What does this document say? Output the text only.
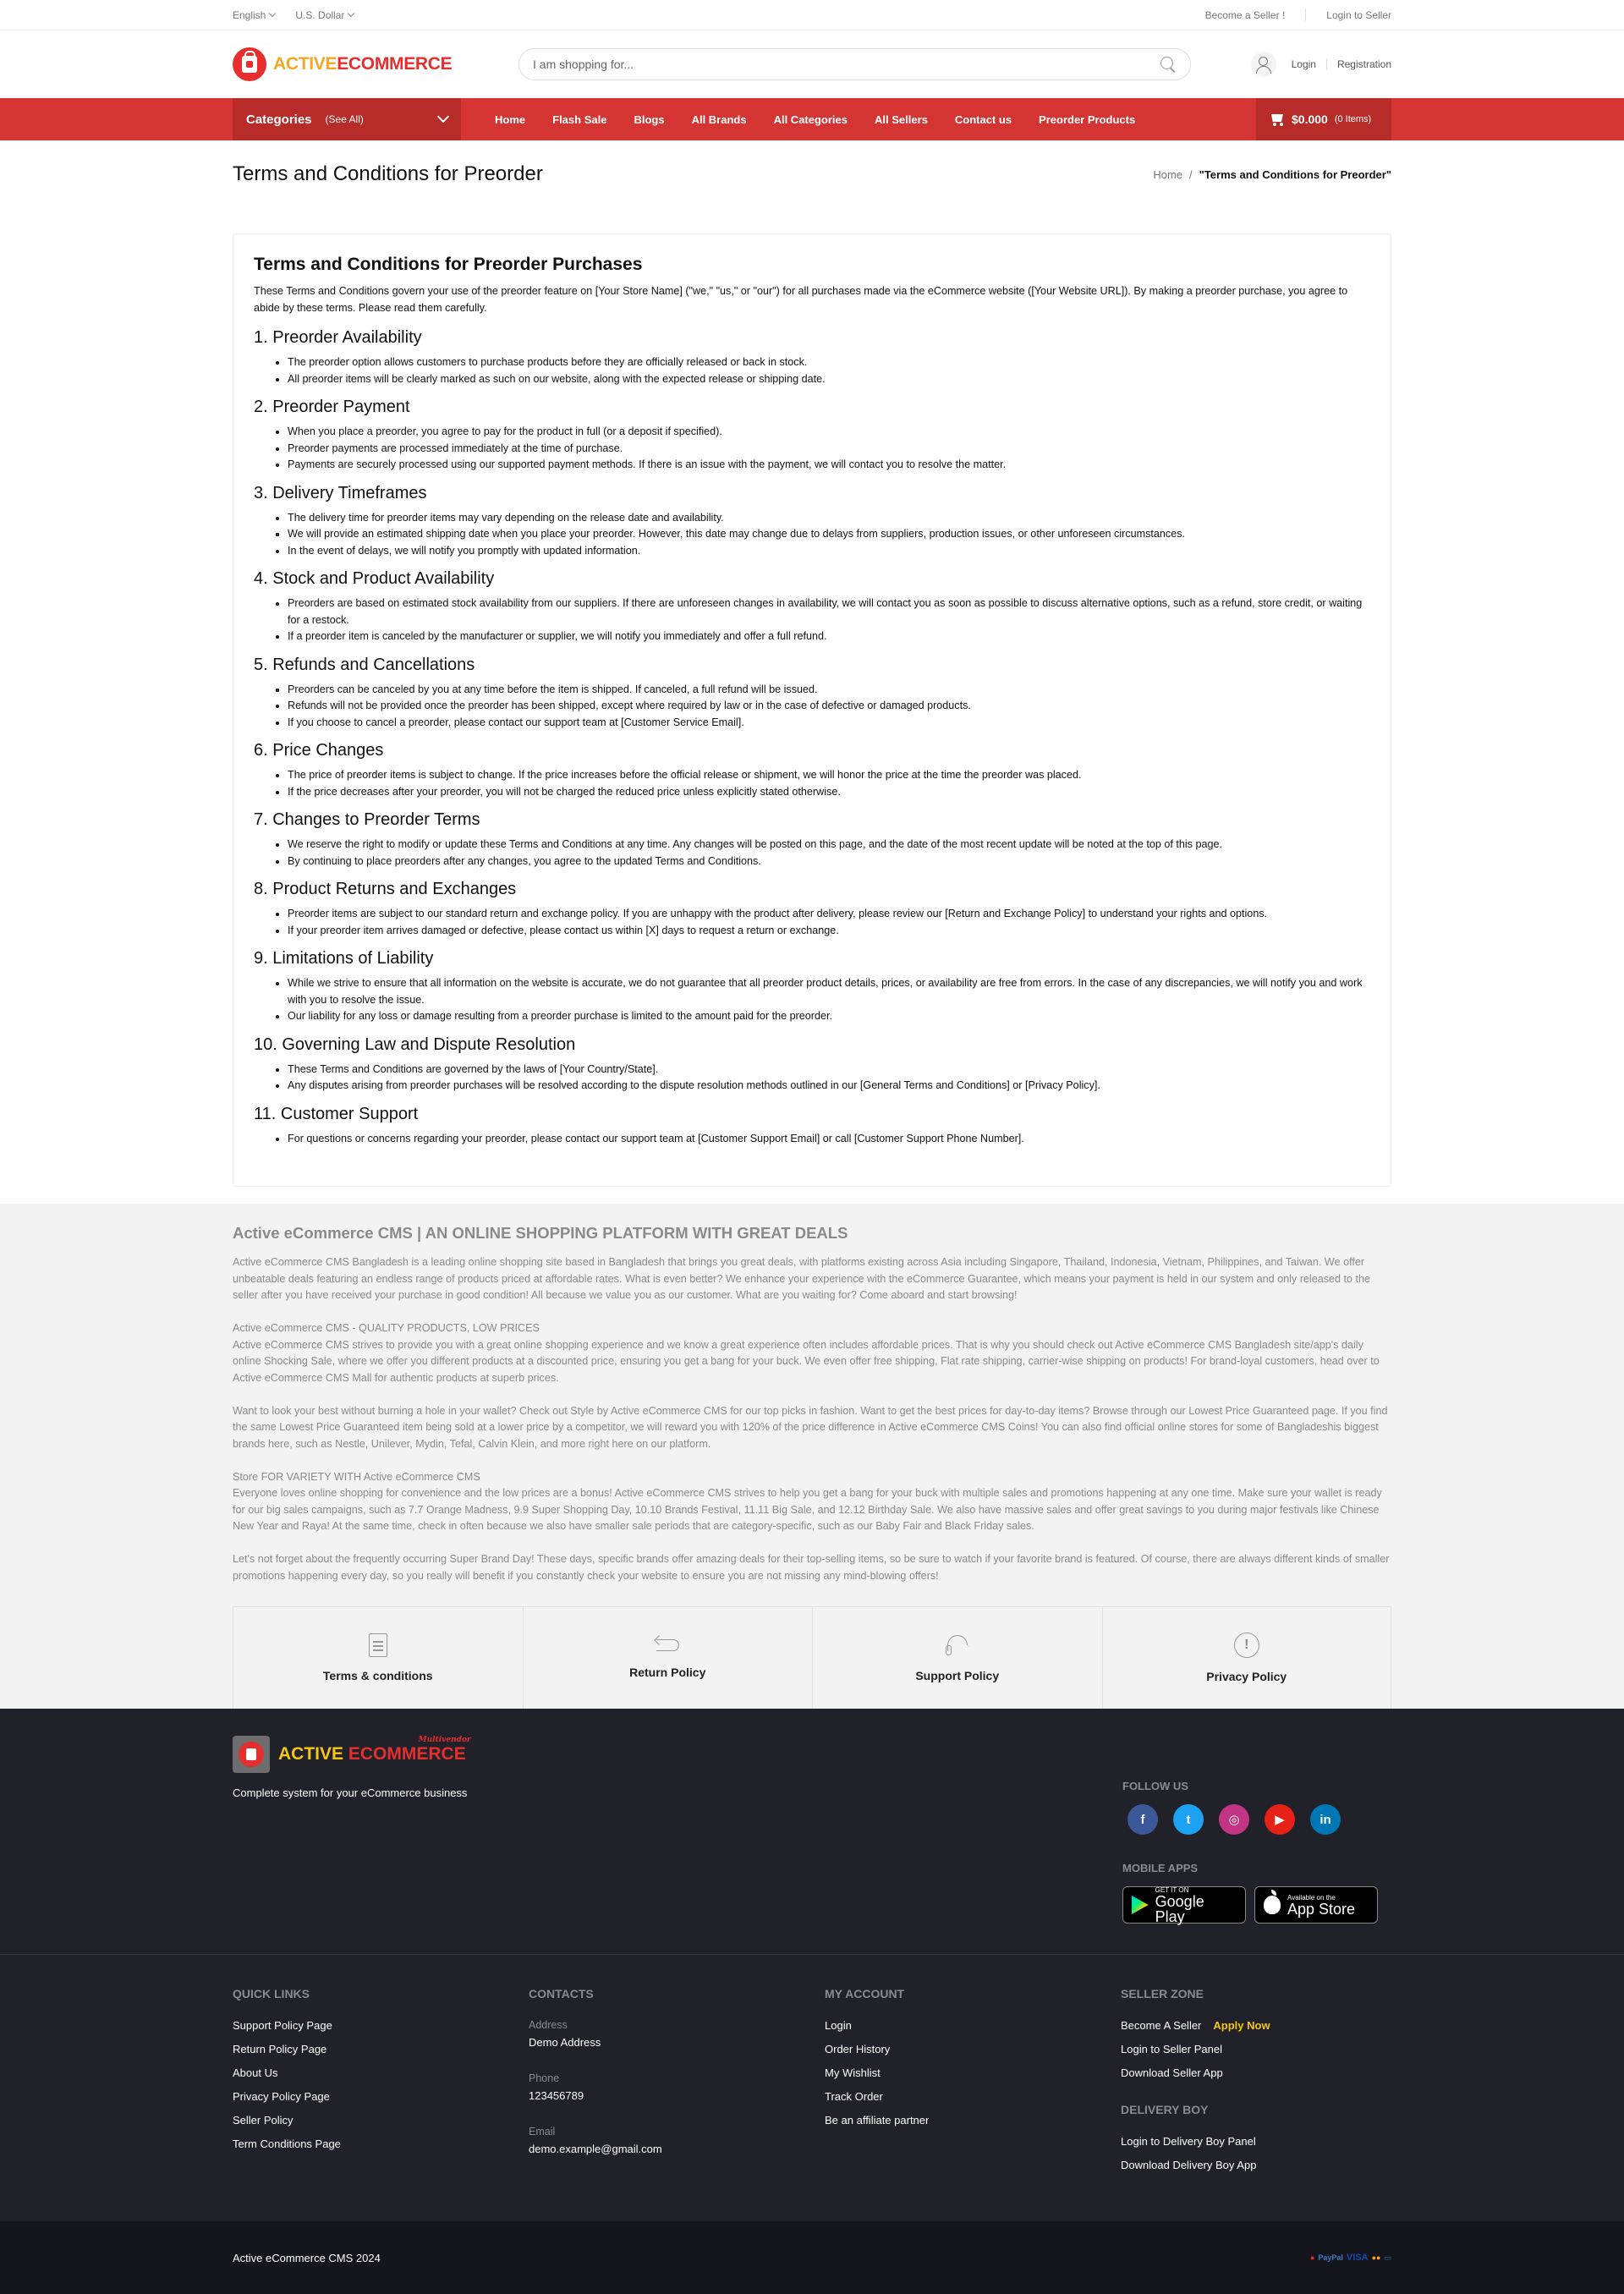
English	U.S. Dollar	Become a Seller !	Login to Seller
ACTIVEECOMMERCE	I am shopping for...	Login Registration
Categories (See All)	Home	Flash Sale	Blogs	All Brands	All Categories	All Sellers	Contact us	Preorder Products	$0.000 (0 Items)
Terms and Conditions for Preorder	Home / "Terms and Conditions for Preorder"
Terms and Conditions for Preorder Purchases

These Terms and Conditions govern your use of the preorder feature on [Your Store Name] ("we," "us," or "our") for all purchases made via the eCommerce website ([Your Website URL]). By making a preorder purchase, you agree to abide by these terms. Please read them carefully.

1. Preorder Availability
• The preorder option allows customers to purchase products before they are officially released or back in stock.
• All preorder items will be clearly marked as such on our website, along with the expected release or shipping date.
2. Preorder Payment
• When you place a preorder, you agree to pay for the product in full (or a deposit if specified).
• Preorder payments are processed immediately at the time of purchase.
• Payments are securely processed using our supported payment methods. If there is an issue with the payment, we will contact you to resolve the matter.
3. Delivery Timeframes
• The delivery time for preorder items may vary depending on the release date and availability.
• We will provide an estimated shipping date when you place your preorder. However, this date may change due to delays from suppliers, production issues, or other unforeseen circumstances.
• In the event of delays, we will notify you promptly with updated information.
4. Stock and Product Availability
• Preorders are based on estimated stock availability from our suppliers. If there are unforeseen changes in availability, we will contact you as soon as possible to discuss alternative options, such as a refund, store credit, or waiting for a restock.
• If a preorder item is canceled by the manufacturer or supplier, we will notify you immediately and offer a full refund.
5. Refunds and Cancellations
• Preorders can be canceled by you at any time before the item is shipped. If canceled, a full refund will be issued.
• Refunds will not be provided once the preorder has been shipped, except where required by law or in the case of defective or damaged products.
• If you choose to cancel a preorder, please contact our support team at [Customer Service Email].
6. Price Changes
• The price of preorder items is subject to change. If the price increases before the official release or shipment, we will honor the price at the time the preorder was placed.
• If the price decreases after your preorder, you will not be charged the reduced price unless explicitly stated otherwise.
7. Changes to Preorder Terms
• We reserve the right to modify or update these Terms and Conditions at any time. Any changes will be posted on this page, and the date of the most recent update will be noted at the top of this page.
• By continuing to place preorders after any changes, you agree to the updated Terms and Conditions.
8. Product Returns and Exchanges
• Preorder items are subject to our standard return and exchange policy. If you are unhappy with the product after delivery, please review our [Return and Exchange Policy] to understand your rights and options.
• If your preorder item arrives damaged or defective, please contact us within [X] days to request a return or exchange.
9. Limitations of Liability
• While we strive to ensure that all information on the website is accurate, we do not guarantee that all preorder product details, prices, or availability are free from errors. In the case of any discrepancies, we will notify you and work with you to resolve the issue.
• Our liability for any loss or damage resulting from a preorder purchase is limited to the amount paid for the preorder.
10. Governing Law and Dispute Resolution
• These Terms and Conditions are governed by the laws of [Your Country/State].
• Any disputes arising from preorder purchases will be resolved according to the dispute resolution methods outlined in our [General Terms and Conditions] or [Privacy Policy].
11. Customer Support
• For questions or concerns regarding your preorder, please contact our support team at [Customer Support Email] or call [Customer Support Phone Number].
Active eCommerce CMS | AN ONLINE SHOPPING PLATFORM WITH GREAT DEALS

Active eCommerce CMS Bangladesh is a leading online shopping site based in Bangladesh that brings you great deals, with platforms existing across Asia including Singapore, Thailand, Indonesia, Vietnam, Philippines, and Taiwan. We offer unbeatable deals featuring an endless range of products priced at affordable rates. What is even better? We enhance your experience with the eCommerce Guarantee, which means your payment is held in our system and only released to the seller after you have received your purchase in good condition! All because we value you as our customer. What are you waiting for? Come aboard and start browsing!

Active eCommerce CMS - QUALITY PRODUCTS, LOW PRICES
Active eCommerce CMS strives to provide you with a great online shopping experience and we know a great experience often includes affordable prices. That is why you should check out Active eCommerce CMS Bangladesh site/app's daily online Shocking Sale, where we offer you different products at a discounted price, ensuring you get a bang for your buck. We even offer free shipping, Flat rate shipping, carrier-wise shipping on products! For brand-loyal customers, head over to Active eCommerce CMS Mall for authentic products at superb prices.

Want to look your best without burning a hole in your wallet? Check out Style by Active eCommerce CMS for our top picks in fashion. Want to get the best prices for day-to-day items? Browse through our Lowest Price Guaranteed page. If you find the same Lowest Price Guaranteed item being sold at a lower price by a competitor, we will reward you with 120% of the price difference in Active eCommerce CMS Coins! You can also find official online stores for some of Bangladeshis biggest brands here, such as Nestle, Unilever, Mydin, Tefal, Calvin Klein, and more right here on our platform.

Store FOR VARIETY WITH Active eCommerce CMS
Everyone loves online shopping for convenience and the low prices are a bonus! Active eCommerce CMS strives to help you get a bang for your buck with multiple sales and promotions happening at any one time. Make sure your wallet is ready for our big sales campaigns, such as 7.7 Orange Madness, 9.9 Super Shopping Day, 10.10 Brands Festival, 11.11 Big Sale, and 12.12 Birthday Sale. We also have massive sales and offer great savings to you during major festivals like Chinese New Year and Raya! At the same time, check in often because we also have smaller sale periods that are category-specific, such as our Baby Fair and Black Friday sales.

Let's not forget about the frequently occurring Super Brand Day! These days, specific brands offer amazing deals for their top-selling items, so be sure to watch if your favorite brand is featured. Of course, there are always different kinds of smaller promotions happening every day, so you really will benefit if you constantly check your website to ensure you are not missing any mind-blowing offers!

Terms & conditions	Return Policy	Support Policy
!
Privacy Policy
ACTIVE ECOMMERCE
Multivendor
Complete system for your eCommerce business
FOLLOW US
f	t	◎	▶	in
MOBILE APPS
GET IT ON
Google Play
Available on the
App Store
QUICK LINKS
Support Policy Page
Return Policy Page
About Us
Privacy Policy Page
Seller Policy
Term Conditions Page
CONTACTS
Address
Demo Address
Phone
123456789
Email
demo.example@gmail.com
MY ACCOUNT
Login
Order History
My Wishlist
Track Order
Be an affiliate partner
SELLER ZONE
Become A Seller Apply Now
Login to Seller Panel
Download Seller App
DELIVERY BOY
Login to Delivery Boy Panel
Download Delivery Boy App
Active eCommerce CMS 2024	● PayPal VISA ●● ▭
